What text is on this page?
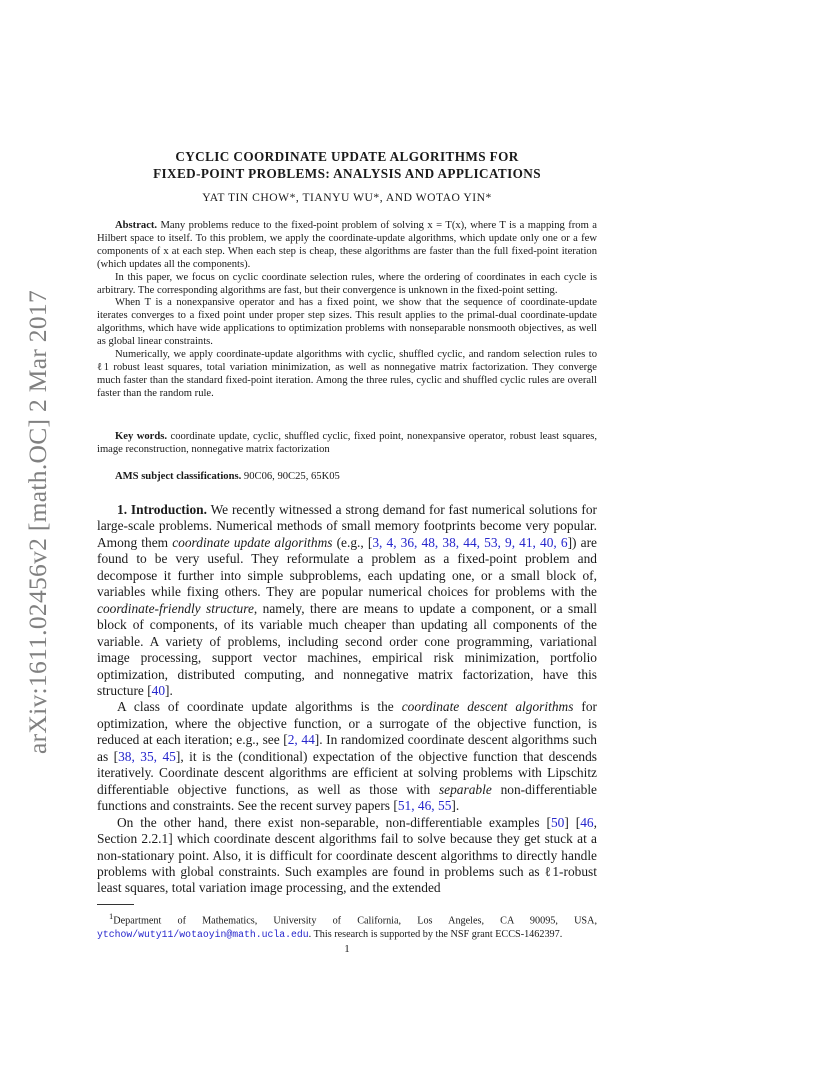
arXiv:1611.02456v2 [math.OC] 2 Mar 2017
CYCLIC COORDINATE UPDATE ALGORITHMS FOR
FIXED-POINT PROBLEMS: ANALYSIS AND APPLICATIONS
YAT TIN CHOW*, TIANYU WU*, AND WOTAO YIN*

Abstract. Many problems reduce to the fixed-point problem of solving x = T(x), where T is a mapping from a Hilbert space to itself. To this problem, we apply the coordinate-update algorithms, which update only one or a few components of x at each step. When each step is cheap, these algorithms are faster than the full fixed-point iteration (which updates all the components).

In this paper, we focus on cyclic coordinate selection rules, where the ordering of coordinates in each cycle is arbitrary. The corresponding algorithms are fast, but their convergence is unknown in the fixed-point setting.

When T is a nonexpansive operator and has a fixed point, we show that the sequence of coordinate-update iterates converges to a fixed point under proper step sizes. This result applies to the primal-dual coordinate-update algorithms, which have wide applications to optimization problems with nonseparable nonsmooth objectives, as well as global linear constraints.

Numerically, we apply coordinate-update algorithms with cyclic, shuffled cyclic, and random selection rules to ℓ1 robust least squares, total variation minimization, as well as nonnegative matrix factorization. They converge much faster than the standard fixed-point iteration. Among the three rules, cyclic and shuffled cyclic rules are overall faster than the random rule.

Key words. coordinate update, cyclic, shuffled cyclic, fixed point, nonexpansive operator, robust least squares, image reconstruction, nonnegative matrix factorization
AMS subject classifications. 90C06, 90C25, 65K05

1. Introduction. We recently witnessed a strong demand for fast numerical solutions for large-scale problems. Numerical methods of small memory footprints become very popular. Among them coordinate update algorithms (e.g., [3, 4, 36, 48, 38, 44, 53, 9, 41, 40, 6]) are found to be very useful. They reformulate a problem as a fixed-point problem and decompose it further into simple subproblems, each updating one, or a small block of, variables while fixing others. They are popular numerical choices for problems with the coordinate-friendly structure, namely, there are means to update a component, or a small block of components, of its variable much cheaper than updating all components of the variable. A variety of problems, including second order cone programming, variational image processing, support vector machines, empirical risk minimization, portfolio optimization, distributed computing, and nonnegative matrix factorization, have this structure [40].

A class of coordinate update algorithms is the coordinate descent algorithms for optimization, where the objective function, or a surrogate of the objective function, is reduced at each iteration; e.g., see [2, 44]. In randomized coordinate descent algorithms such as [38, 35, 45], it is the (conditional) expectation of the objective function that descends iteratively. Coordinate descent algorithms are efficient at solving problems with Lipschitz differentiable objective functions, as well as those with separable non-differentiable functions and constraints. See the recent survey papers [51, 46, 55].

On the other hand, there exist non-separable, non-differentiable examples [50] [46, Section 2.2.1] which coordinate descent algorithms fail to solve because they get stuck at a non-stationary point. Also, it is difficult for coordinate descent algorithms to directly handle problems with global constraints. Such examples are found in problems such as ℓ1-robust least squares, total variation image processing, and the extended

$^1$Department of Mathematics, University of California, Los Angeles, CA 90095, USA, ytchow/wuty11/wotaoyin@math.ucla.edu. This research is supported by the NSF grant ECCS-1462397.
1
